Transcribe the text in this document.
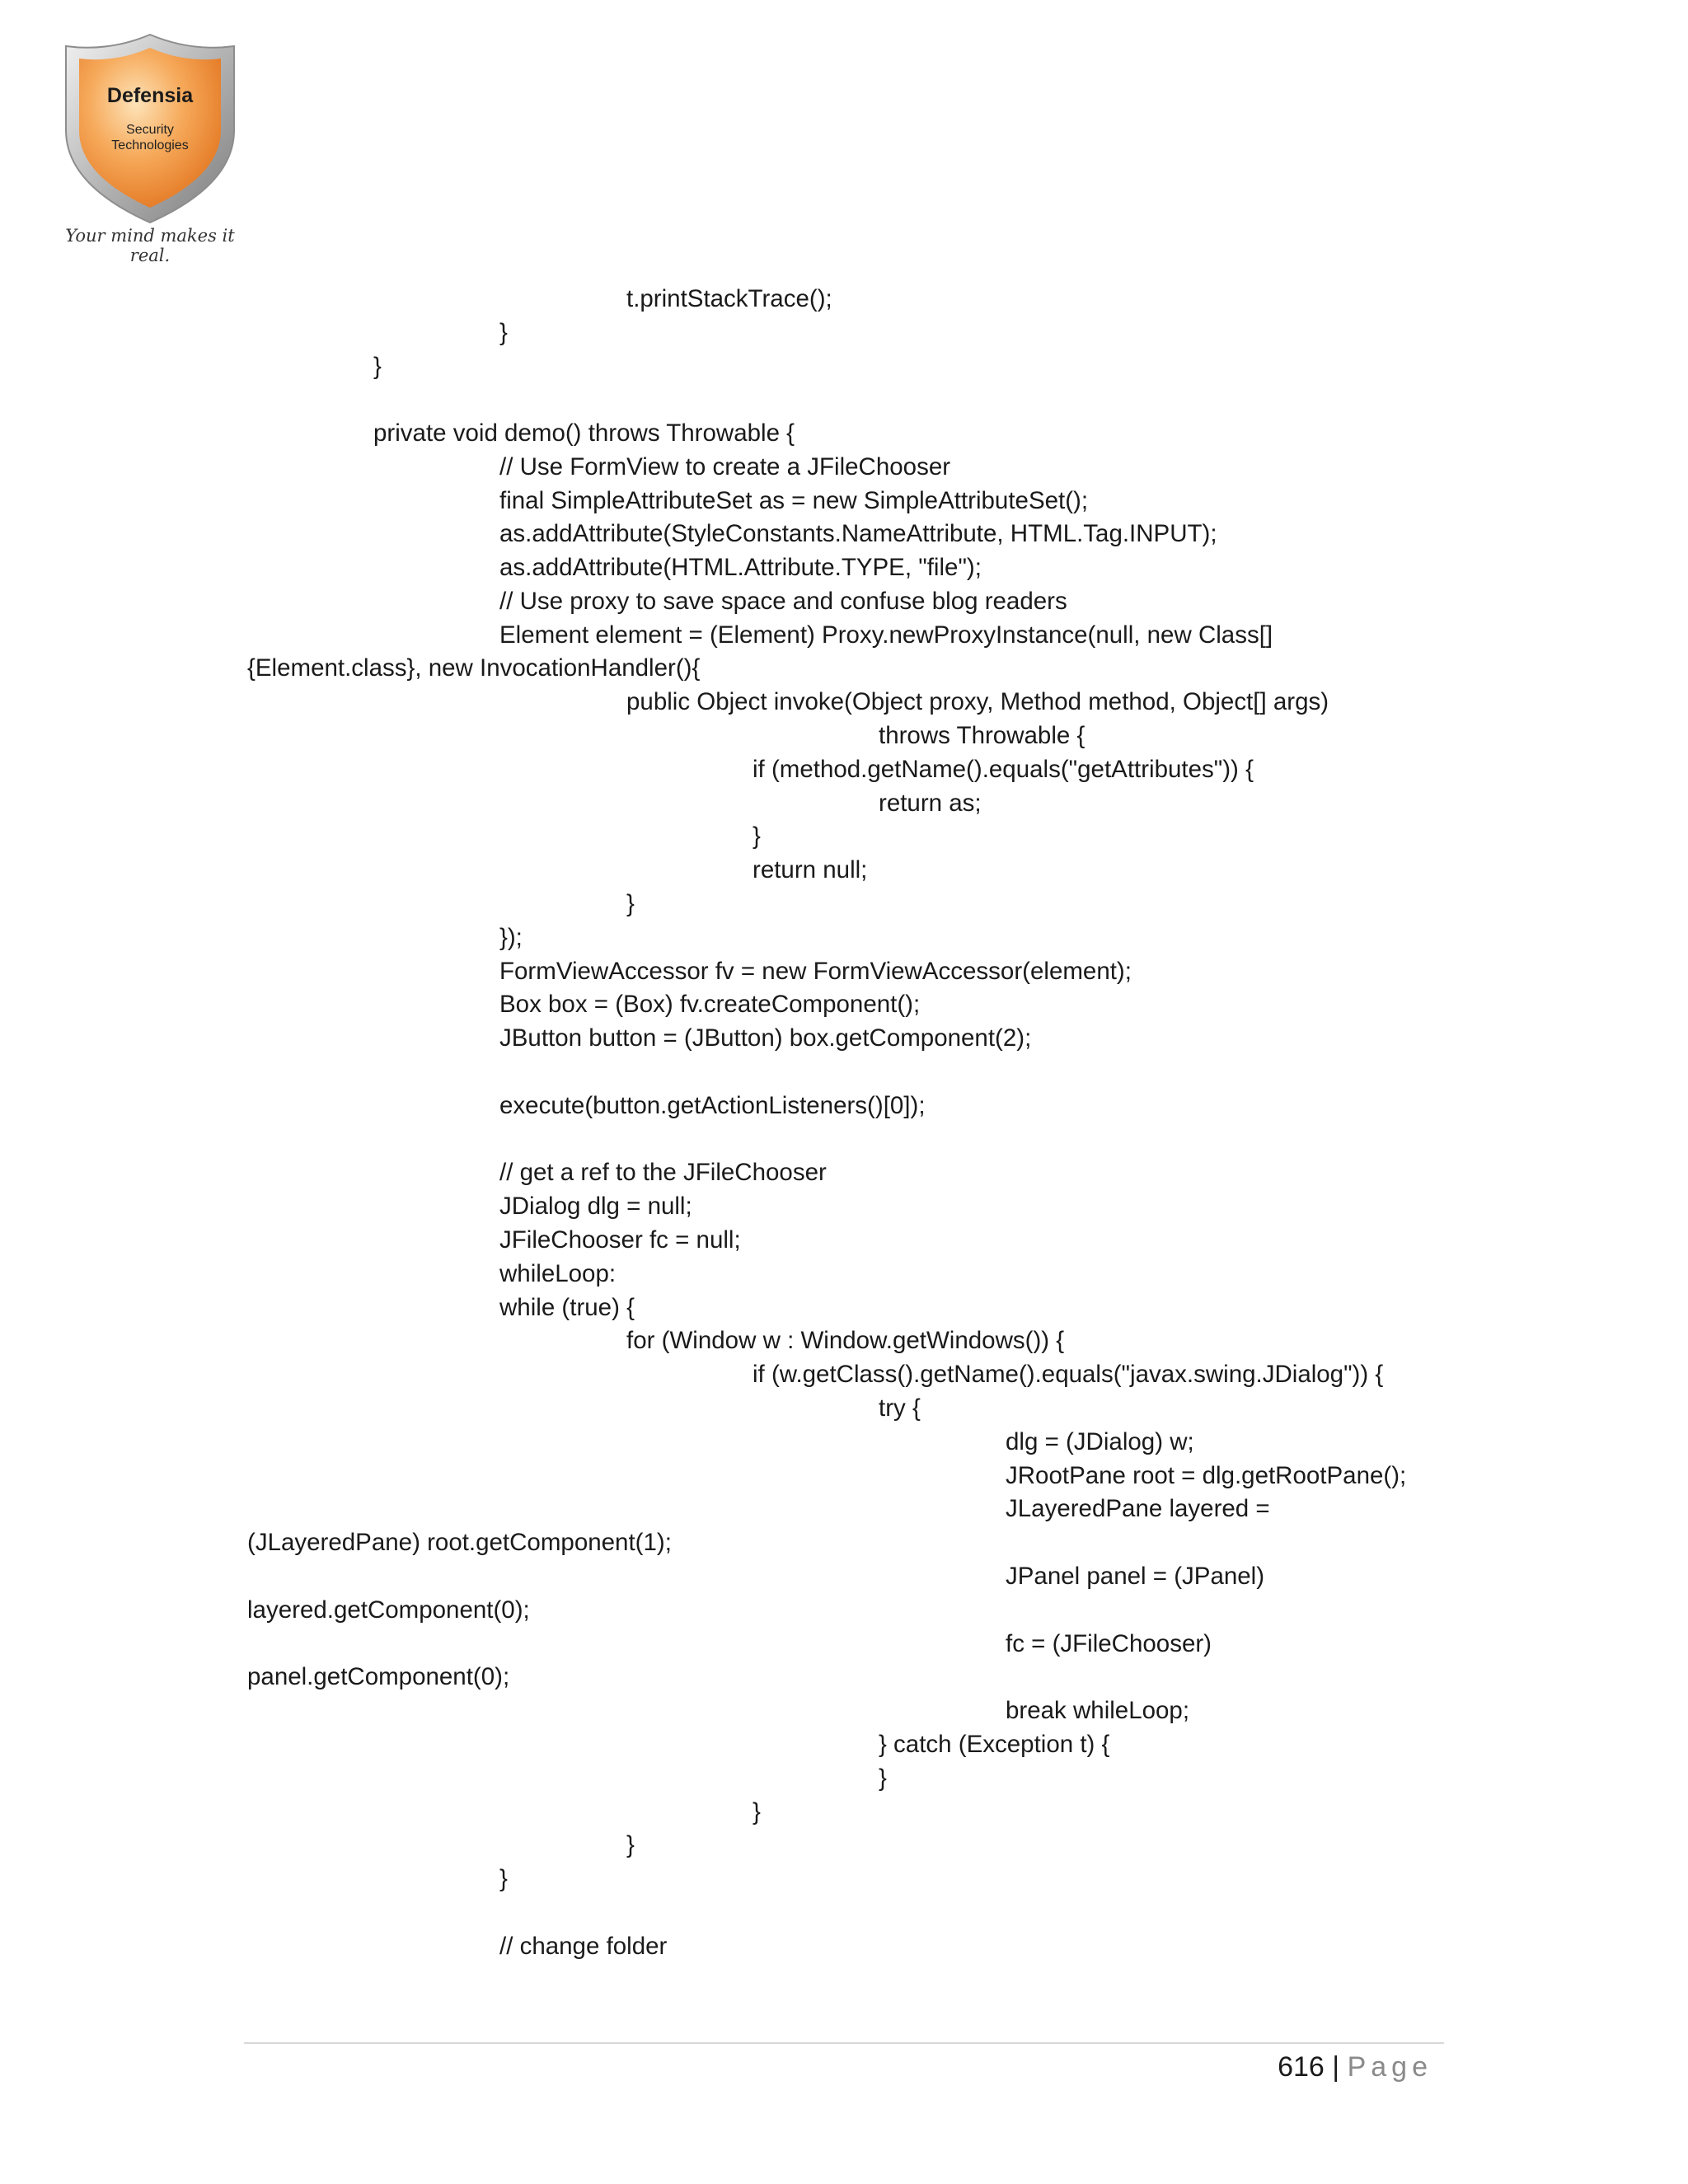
Defensia
Security
Technologies
Your mind makes it real.
t.printStackTrace();
}
}
private void demo() throws Throwable {
// Use FormView to create a JFileChooser
final SimpleAttributeSet as = new SimpleAttributeSet();
as.addAttribute(StyleConstants.NameAttribute, HTML.Tag.INPUT);
as.addAttribute(HTML.Attribute.TYPE, "file");
// Use proxy to save space and confuse blog readers
Element element = (Element) Proxy.newProxyInstance(null, new Class[]
{Element.class}, new InvocationHandler(){
public Object invoke(Object proxy, Method method, Object[] args)
throws Throwable {
if (method.getName().equals("getAttributes")) {
return as;
}
return null;
}
});
FormViewAccessor fv = new FormViewAccessor(element);
Box box = (Box) fv.createComponent();
JButton button = (JButton) box.getComponent(2);
execute(button.getActionListeners()[0]);
// get a ref to the JFileChooser
JDialog dlg = null;
JFileChooser fc = null;
whileLoop:
while (true) {
for (Window w : Window.getWindows()) {
if (w.getClass().getName().equals("javax.swing.JDialog")) {
try {
dlg = (JDialog) w;
JRootPane root = dlg.getRootPane();
JLayeredPane layered =
(JLayeredPane) root.getComponent(1);
JPanel panel = (JPanel)
layered.getComponent(0);
fc = (JFileChooser)
panel.getComponent(0);
break whileLoop;
} catch (Exception t) {
}
}
}
}
// change folder
616 | Page
